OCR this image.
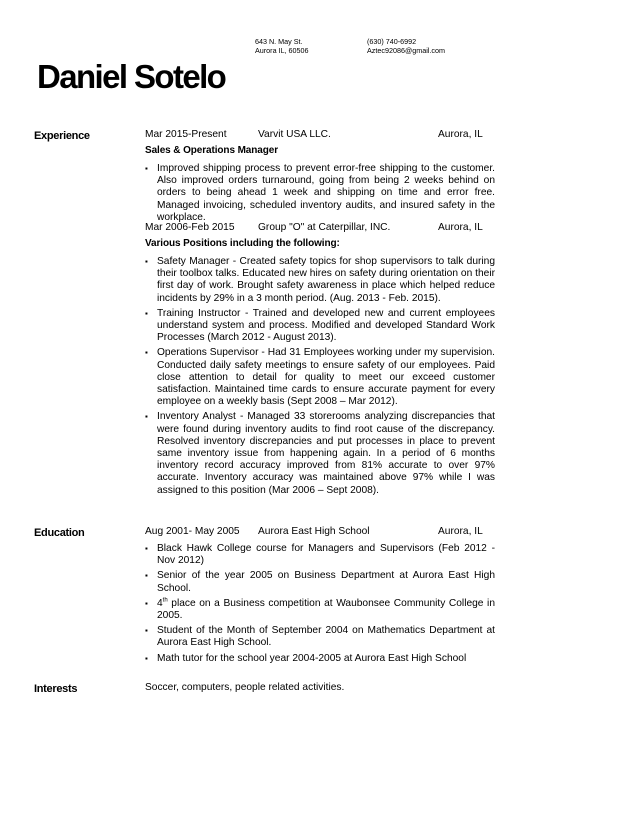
643 N. May St.
Aurora IL, 60506
(630) 740-6992
Aztec92086@gmail.com
Daniel Sotelo
Experience	Mar 2015-Present	Varvit USA LLC.	Aurora, IL
Sales & Operations Manager
▪ Improved shipping process to prevent error-free shipping to the customer. Also improved orders turnaround, going from being 2 weeks behind on orders to being ahead 1 week and shipping on time and error free. Managed invoicing, scheduled inventory audits, and insured safety in the workplace.
Mar 2006-Feb 2015 Group "O" at Caterpillar, INC.	Aurora, IL
Various Positions including the following:
▪ Safety Manager - Created safety topics for shop supervisors to talk during their toolbox talks. Educated new hires on safety during orientation on their first day of work. Brought safety awareness in place which helped reduce incidents by 29% in a 3 month period. (Aug. 2013 - Feb. 2015).
▪ Training Instructor - Trained and developed new and current employees understand system and process. Modified and developed Standard Work Processes (March 2012 - August 2013).
▪ Operations Supervisor - Had 31 Employees working under my supervision. Conducted daily safety meetings to ensure safety of our employees. Paid close attention to detail for quality to meet our exceed customer satisfaction. Maintained time cards to ensure accurate payment for every employee on a weekly basis (Sept 2008 – Mar 2012).
▪ Inventory Analyst - Managed 33 storerooms analyzing discrepancies that were found during inventory audits to find root cause of the discrepancy. Resolved inventory discrepancies and put processes in place to prevent same inventory issue from happening again. In a period of 6 months inventory record accuracy improved from 81% accurate to over 97% accurate. Inventory accuracy was maintained above 97% while I was assigned to this position (Mar 2006 – Sept 2008).
Education	Aug 2001- May 2005 Aurora East High School	Aurora, IL
▪ Black Hawk College course for Managers and Supervisors (Feb 2012 - Nov 2012)
▪ Senior of the year 2005 on Business Department at Aurora East High School.
▪ 4th place on a Business competition at Waubonsee Community College in 2005.
▪ Student of the Month of September 2004 on Mathematics Department at Aurora East High School.
▪ Math tutor for the school year 2004-2005 at Aurora East High School
Interests	Soccer, computers, people related activities.
